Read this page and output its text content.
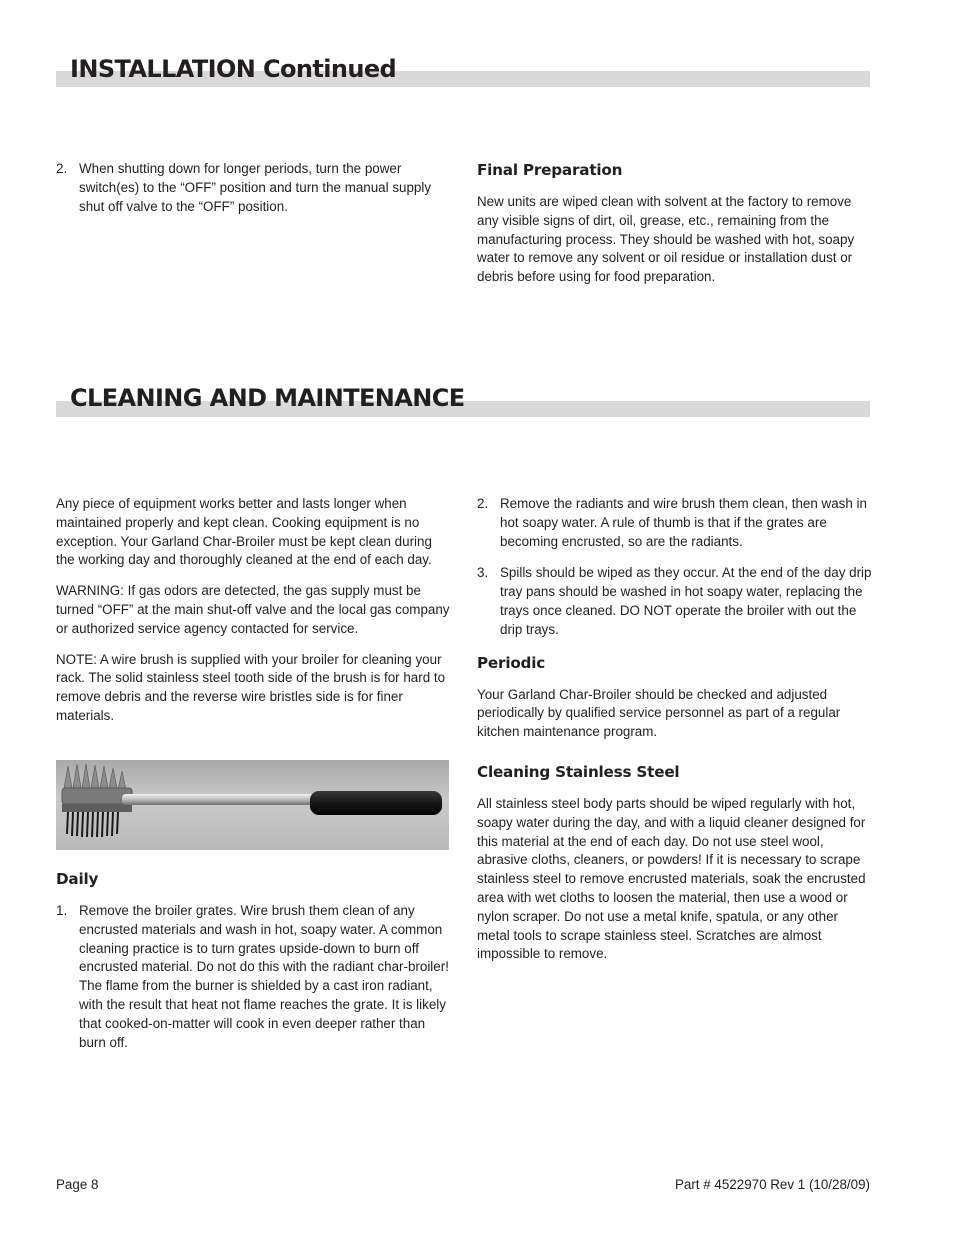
INSTALLATION Continued
2. When shutting down for longer periods, turn the power switch(es) to the “OFF” position and turn the manual supply shut off valve to the “OFF” position.
Final Preparation

New units are wiped clean with solvent at the factory to remove any visible signs of dirt, oil, grease, etc., remaining from the manufacturing process. They should be washed with hot, soapy water to remove any solvent or oil residue or installation dust or debris before using for food preparation.

CLEANING AND MAINTENANCE

Any piece of equipment works better and lasts longer when maintained properly and kept clean. Cooking equipment is no exception. Your Garland Char-Broiler must be kept clean during the working day and thoroughly cleaned at the end of each day.

WARNING: If gas odors are detected, the gas supply must be turned “OFF” at the main shut-off valve and the local gas company or authorized service agency contacted for service.

NOTE: A wire brush is supplied with your broiler for cleaning your rack. The solid stainless steel tooth side of the brush is for hard to remove debris and the reverse wire bristles side is for finer materials.

Daily
1. Remove the broiler grates. Wire brush them clean of any encrusted materials and wash in hot, soapy water. A common cleaning practice is to turn grates upside-down to burn off encrusted material. Do not do this with the radiant char-broiler! The flame from the burner is shielded by a cast iron radiant, with the result that heat not flame reaches the grate. It is likely that cooked-on-matter will cook in even deeper rather than burn off.
2. Remove the radiants and wire brush them clean, then wash in hot soapy water. A rule of thumb is that if the grates are becoming encrusted, so are the radiants.
3. Spills should be wiped as they occur. At the end of the day drip tray pans should be washed in hot soapy water, replacing the trays once cleaned. DO NOT operate the broiler with out the drip trays.
Periodic

Your Garland Char-Broiler should be checked and adjusted periodically by qualified service personnel as part of a regular kitchen maintenance program.

Cleaning Stainless Steel

All stainless steel body parts should be wiped regularly with hot, soapy water during the day, and with a liquid cleaner designed for this material at the end of each day. Do not use steel wool, abrasive cloths, cleaners, or powders! If it is necessary to scrape stainless steel to remove encrusted materials, soak the encrusted area with wet cloths to loosen the material, then use a wood or nylon scraper. Do not use a metal knife, spatula, or any other metal tools to scrape stainless steel. Scratches are almost impossible to remove.

Page 8	Part # 4522970 Rev 1 (10/28/09)
